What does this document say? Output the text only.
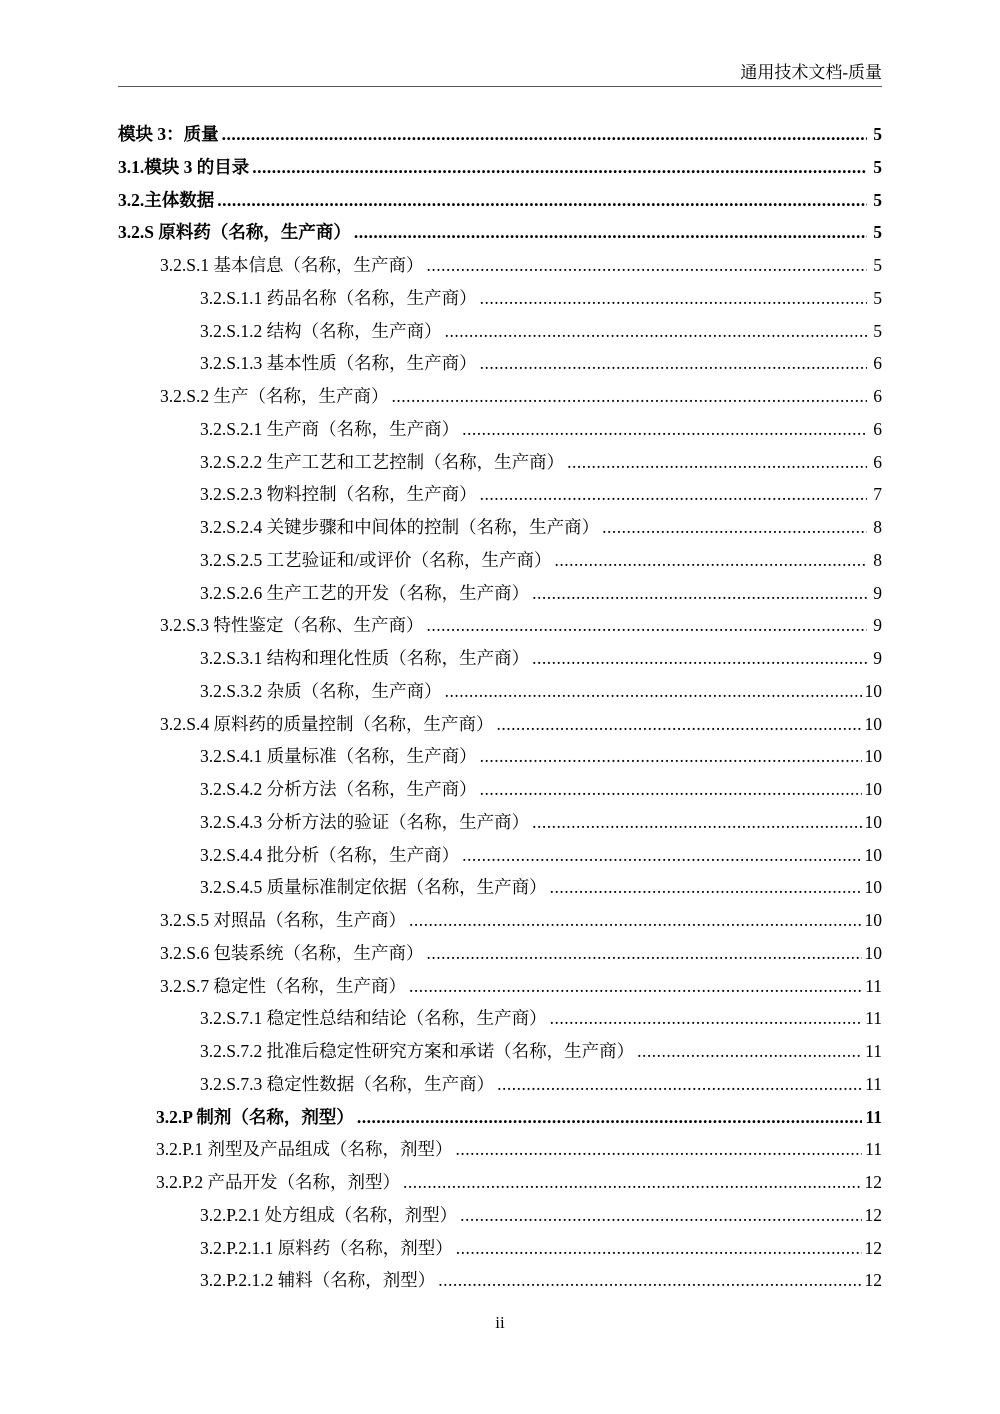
通用技术文档-质量
模块 3：质量 .....	5
3.1.模块 3 的目录 .....	5
3.2.主体数据 .....	5
3.2.S 原料药（名称，生产商） .....	5
3.2.S.1 基本信息（名称，生产商） .....	5
3.2.S.1.1 药品名称（名称，生产商） .....	5
3.2.S.1.2 结构（名称，生产商） .....	5
3.2.S.1.3 基本性质（名称，生产商） .....	6
3.2.S.2 生产（名称，生产商） .....	6
3.2.S.2.1 生产商（名称，生产商） .....	6
3.2.S.2.2 生产工艺和工艺控制（名称，生产商） .....	6
3.2.S.2.3 物料控制（名称，生产商） .....	7
3.2.S.2.4 关键步骤和中间体的控制（名称，生产商） .....	8
3.2.S.2.5 工艺验证和/或评价（名称，生产商） .....	8
3.2.S.2.6 生产工艺的开发（名称，生产商） .....	9
3.2.S.3 特性鉴定（名称、生产商） .....	9
3.2.S.3.1 结构和理化性质（名称，生产商） .....	9
3.2.S.3.2 杂质（名称，生产商） .....	10
3.2.S.4 原料药的质量控制（名称，生产商） .....	10
3.2.S.4.1 质量标准（名称，生产商） .....	10
3.2.S.4.2 分析方法（名称，生产商） .....	10
3.2.S.4.3 分析方法的验证（名称，生产商） .....	10
3.2.S.4.4 批分析（名称，生产商） .....	10
3.2.S.4.5 质量标准制定依据（名称，生产商） .....	10
3.2.S.5 对照品（名称，生产商） .....	10
3.2.S.6 包装系统（名称，生产商） .....	10
3.2.S.7 稳定性（名称，生产商） .....	11
3.2.S.7.1 稳定性总结和结论（名称，生产商） .....	11
3.2.S.7.2 批准后稳定性研究方案和承诺（名称，生产商） .....	11
3.2.S.7.3 稳定性数据（名称，生产商） .....	11
3.2.P 制剂（名称，剂型） .....	11
3.2.P.1 剂型及产品组成（名称，剂型） .....	11
3.2.P.2 产品开发（名称，剂型） .....	12
3.2.P.2.1 处方组成（名称，剂型） .....	12
3.2.P.2.1.1 原料药（名称，剂型） .....	12
3.2.P.2.1.2 辅料（名称，剂型） .....	12
ii
